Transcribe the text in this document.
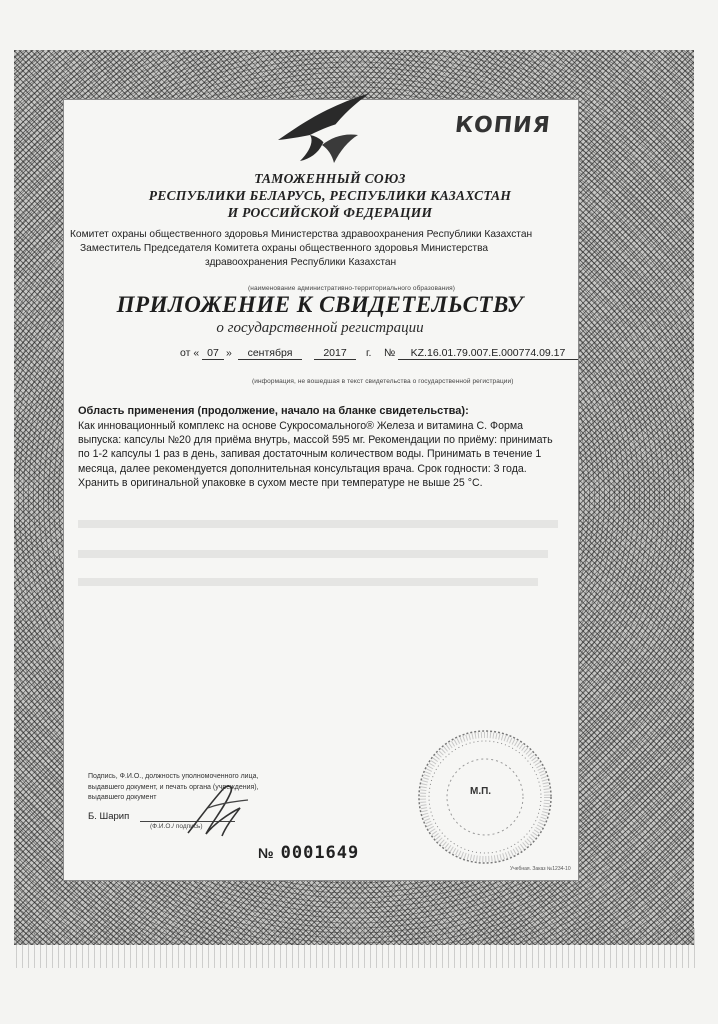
КОПИЯ
ТАМОЖЕННЫЙ СОЮЗ
РЕСПУБЛИКИ БЕЛАРУСЬ, РЕСПУБЛИКИ КАЗАХСТАН
И РОССИЙСКОЙ ФЕДЕРАЦИИ
Комитет охраны общественного здоровья Министерства здравоохранения Республики Казахстан
Заместитель Председателя Комитета охраны общественного здоровья Министерства
здравоохранения Республики Казахстан
(наименование административно-территориального образования)
ПРИЛОЖЕНИЕ К СВИДЕТЕЛЬСТВУ
о государственной регистрации
от « 07 »	сентября	2017	г. №	KZ.16.01.79.007.E.000774.09.17
(информация, не вошедшая в текст свидетельства о государственной регистрации)
Область применения (продолжение, начало на бланке свидетельства):
Как инновационный комплекс на основе Сукросомального® Железа и витамина С. Форма
выпуска: капсулы №20 для приёма внутрь, массой 595 мг. Рекомендации по приёму: принимать
по 1-2 капсулы 1 раз в день, запивая достаточным количеством воды. Принимать в течение 1
месяца, далее рекомендуется дополнительная консультация врача. Срок годности: 3 года.
Хранить в оригинальной упаковке в сухом месте при температуре не выше 25 °С.
М.П.
Подпись, Ф.И.О., должность уполномоченного лица,
выдавшего документ, и печать органа (учреждения),
выдавшего документ
Б. Шарип
(Ф.И.О./ подпись)
№ 0001649
Учебная. Заказ №1234-10
